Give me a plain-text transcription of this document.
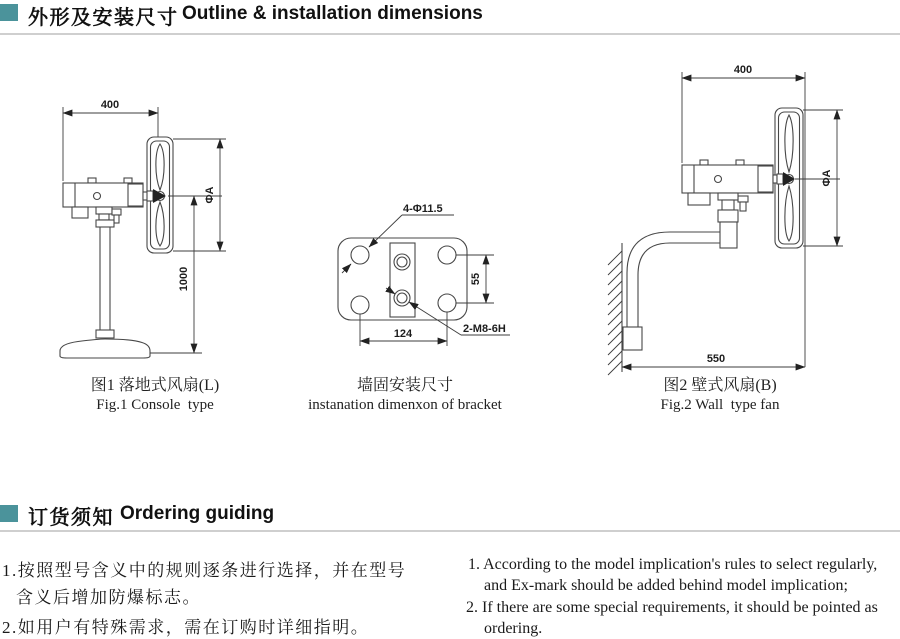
外形及安装尺寸 Outline & installation dimensions
400
ΦA
1000
图1 落地式风扇(L)
Fig.1 Console  type
4-Φ11.5
2-M8-6H
124
55
墙固安装尺寸
instanation dimenxon of bracket
400
ΦA
550
图2 壁式风扇(B)
Fig.2 Wall  type fan
订货须知 Ordering guiding
1.按照型号含义中的规则逐条进行选择，并在型号
含义后增加防爆标志。
2.如用户有特殊需求，需在订购时详细指明。
1. According to the model implication's rules to select regularly,
and Ex-mark should be added behind model implication;
2. If there are some special requirements, it should be pointed as
ordering.
